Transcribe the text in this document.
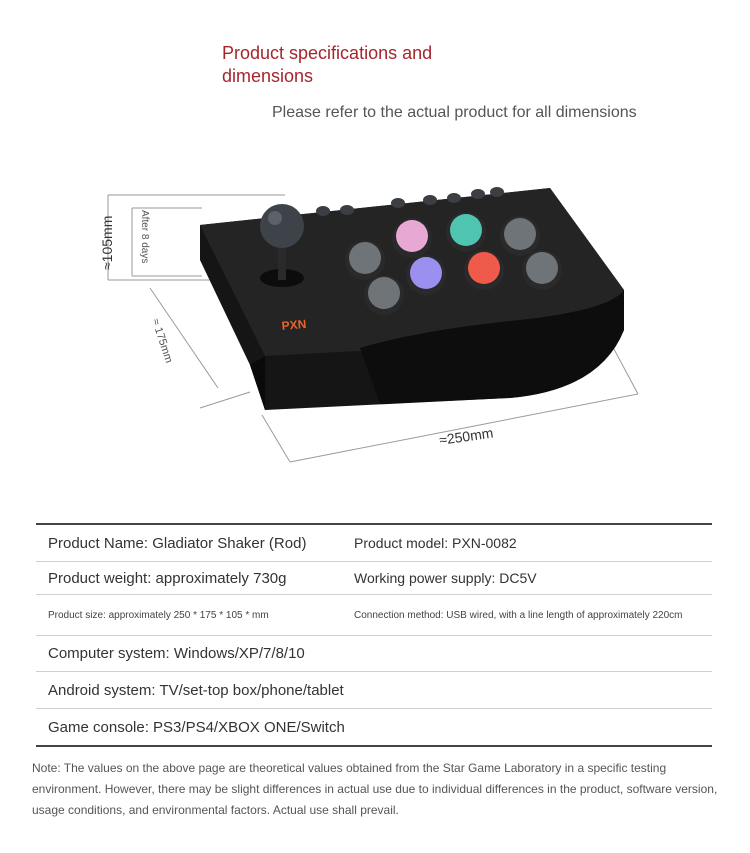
Product specifications and
dimensions

Please refer to the actual product for all dimensions

≈105mm After 8 days
≈ 175mm
≈250mm
PXN
Product Name: Gladiator Shaker (Rod)	Product model: PXN-0082
Product weight: approximately 730g	Working power supply: DC5V
Product size: approximately 250 * 175 * 105 * mm	Connection method: USB wired, with a line length of approximately 220cm
Computer system: Windows/XP/7/8/10
Android system: TV/set-top box/phone/tablet
Game console: PS3/PS4/XBOX ONE/Switch

Note: The values on the above page are theoretical values obtained from the Star Game Laboratory in a specific testing environment. However, there may be slight differences in actual use due to individual differences in the product, software version, usage conditions, and environmental factors. Actual use shall prevail.
